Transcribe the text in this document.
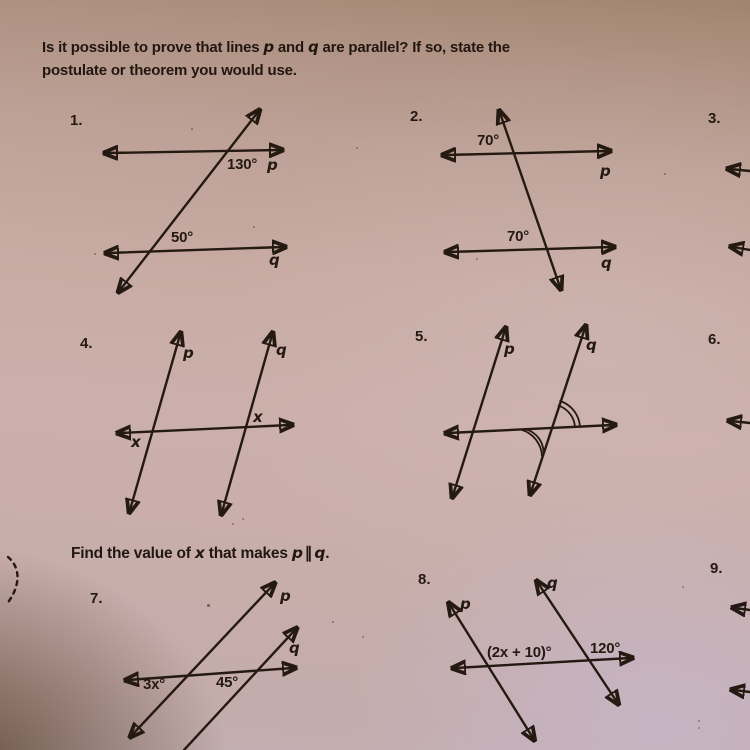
Is it possible to prove that lines p and q are parallel? If so, state the postulate or theorem you would use.
1.	2.	3.
4.	5.	6.
7.
8.
9.
130° p
50°
q
70°
p
70°
q
x
x
p	q	p	q
Find the value of x that makes p ∥ q.
3x°	45°
p
q	(2x + 10)°	120°
p
q
